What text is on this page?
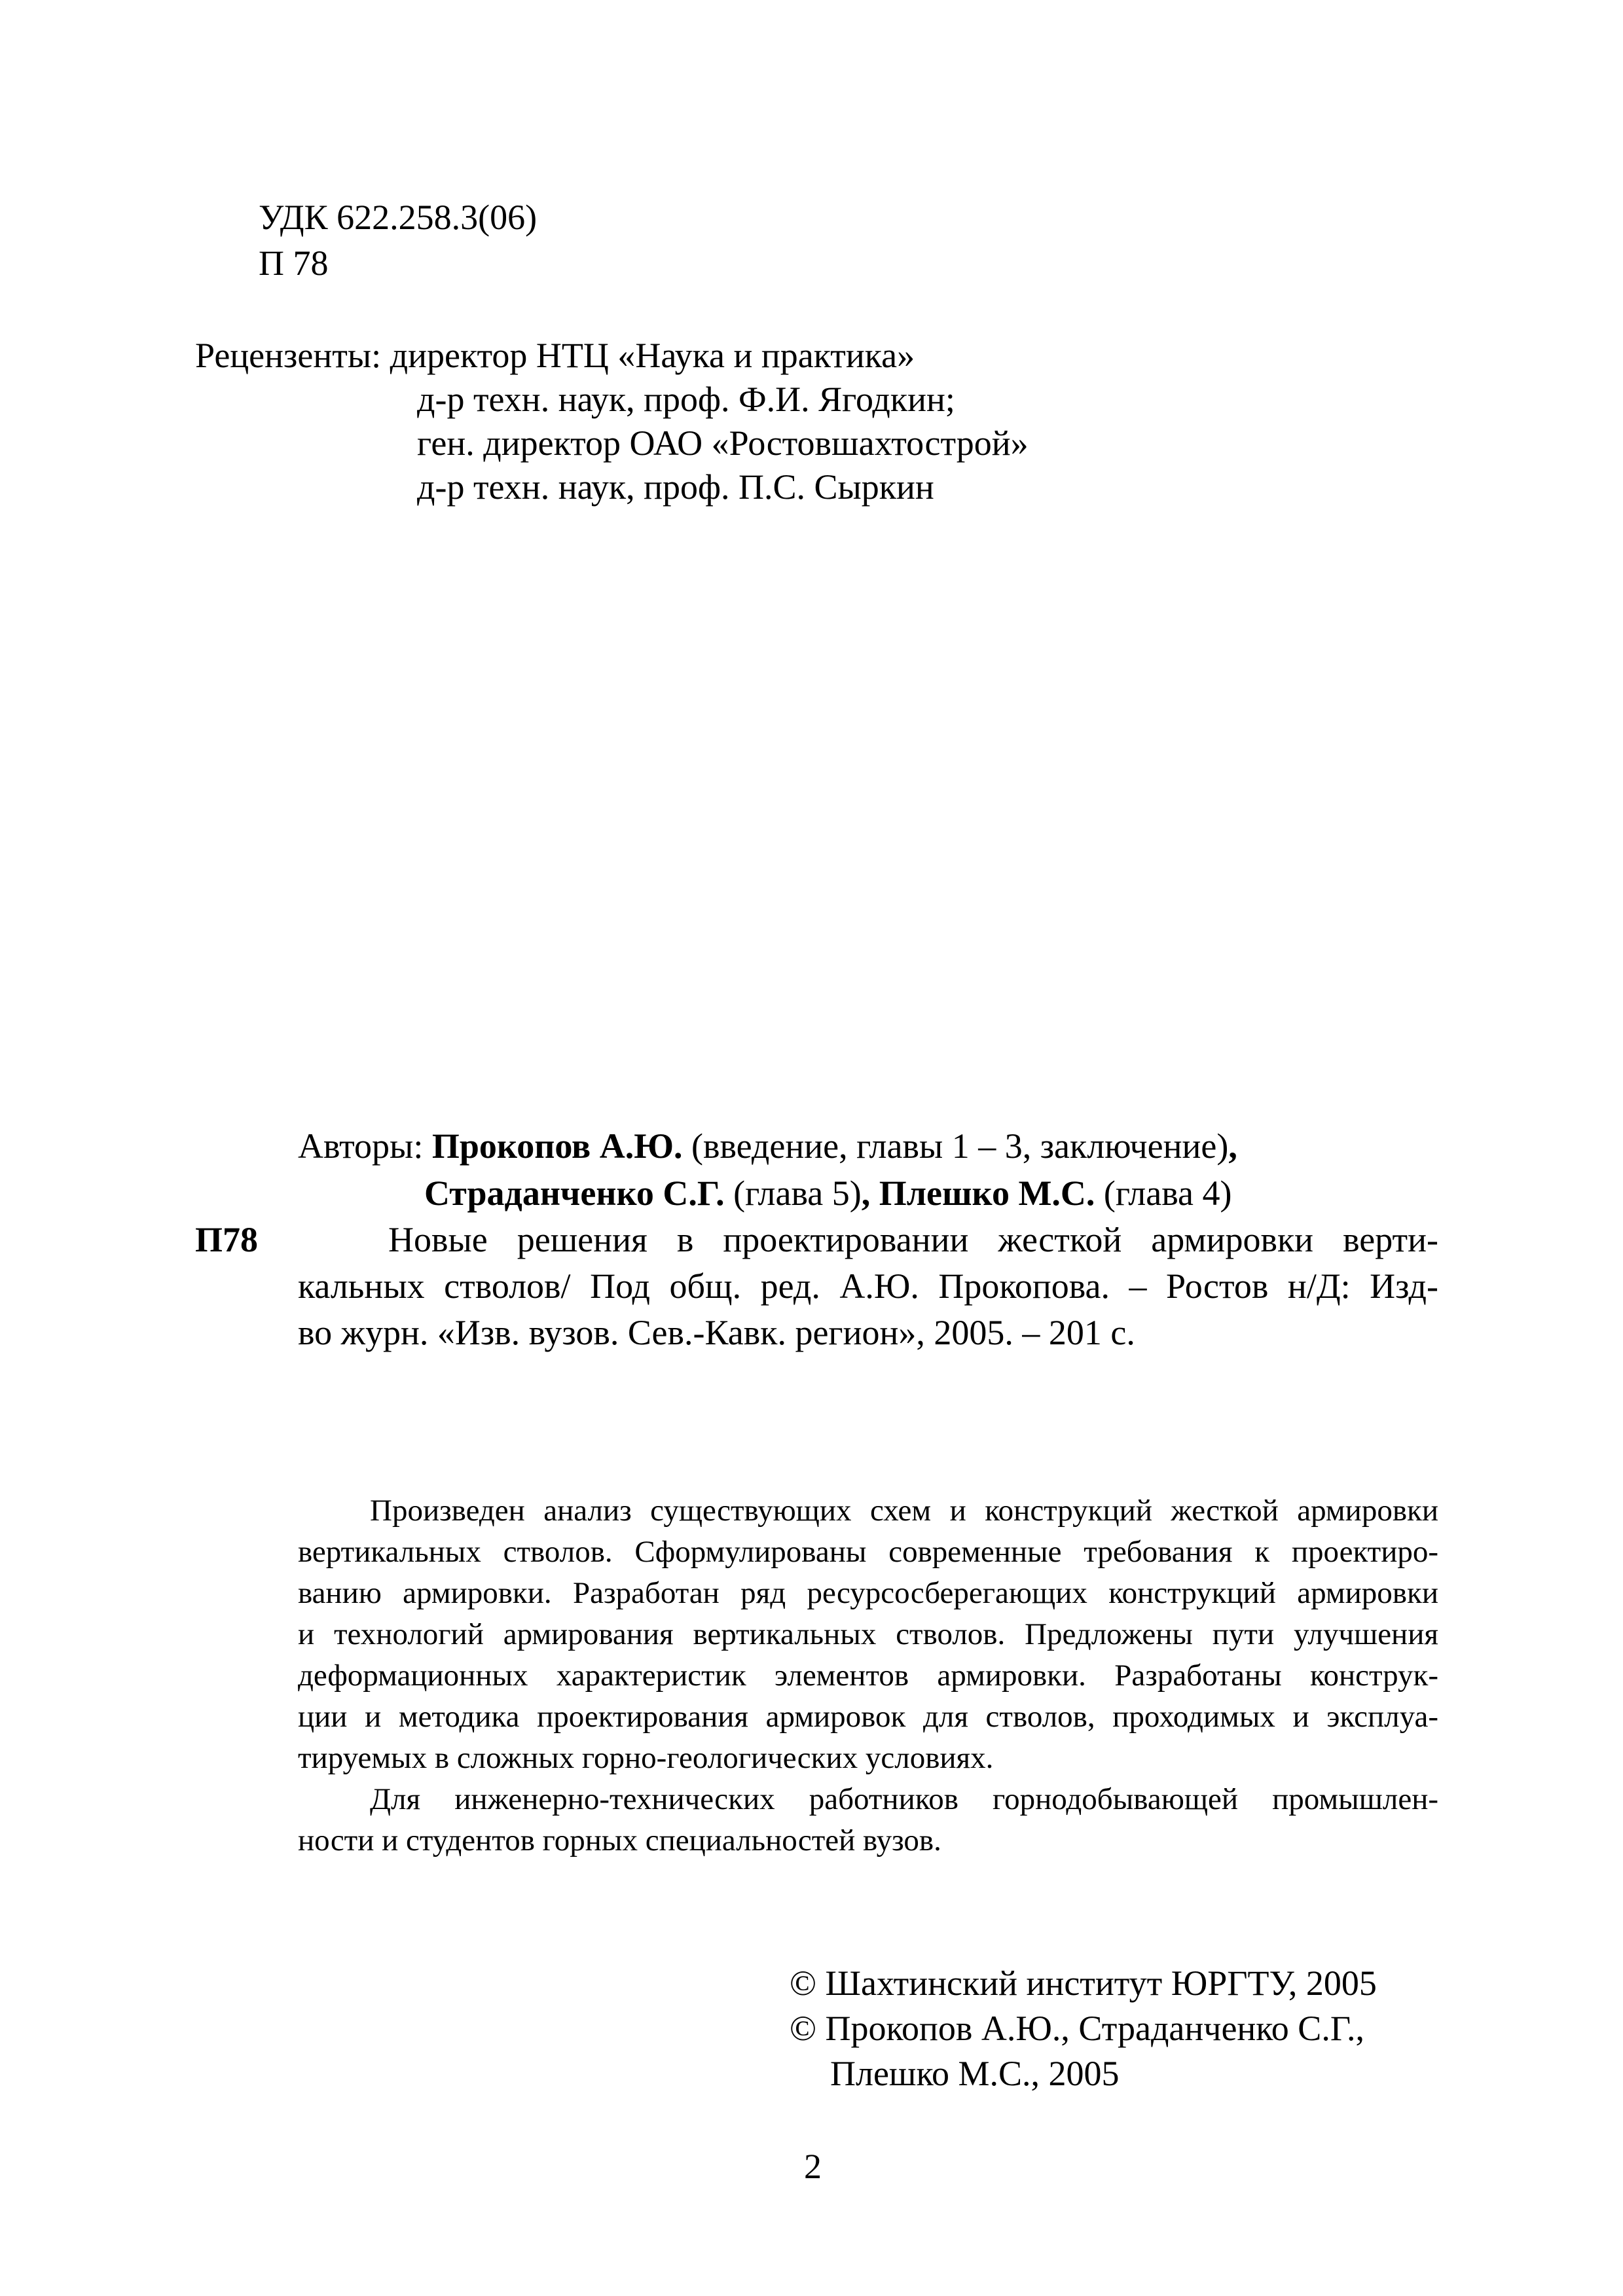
УДК 622.258.3(06)
П 78
Рецензенты: директор НТЦ «Наука и практика»
д-р техн. наук, проф. Ф.И. Ягодкин;
ген. директор ОАО «Ростовшахтострой»
д-р техн. наук, проф. П.С. Сыркин
Авторы: Прокопов А.Ю. (введение, главы 1 – 3, заключение),
Страданченко С.Г. (глава 5), Плешко М.С. (глава 4)
П78	Новые решения в проектировании жесткой армировки верти-
кальных стволов/ Под общ. ред. А.Ю. Прокопова. – Ростов н/Д: Изд-
во журн. «Изв. вузов. Сев.-Кавк. регион», 2005. – 201 с.
Произведен анализ существующих схем и конструкций жесткой армировки
вертикальных стволов. Сформулированы современные требования к проектиро-
ванию армировки. Разработан ряд ресурсосберегающих конструкций армировки
и технологий армирования вертикальных стволов. Предложены пути улучшения
деформационных характеристик элементов армировки. Разработаны конструк-
ции и методика проектирования армировок для стволов, проходимых и эксплуа-
тируемых в сложных горно-геологических условиях.
Для инженерно-технических работников горнодобывающей промышлен-
ности и студентов горных специальностей вузов.
© Шахтинский институт ЮРГТУ, 2005
© Прокопов А.Ю., Страданченко С.Г.,
Плешко М.С., 2005
2
